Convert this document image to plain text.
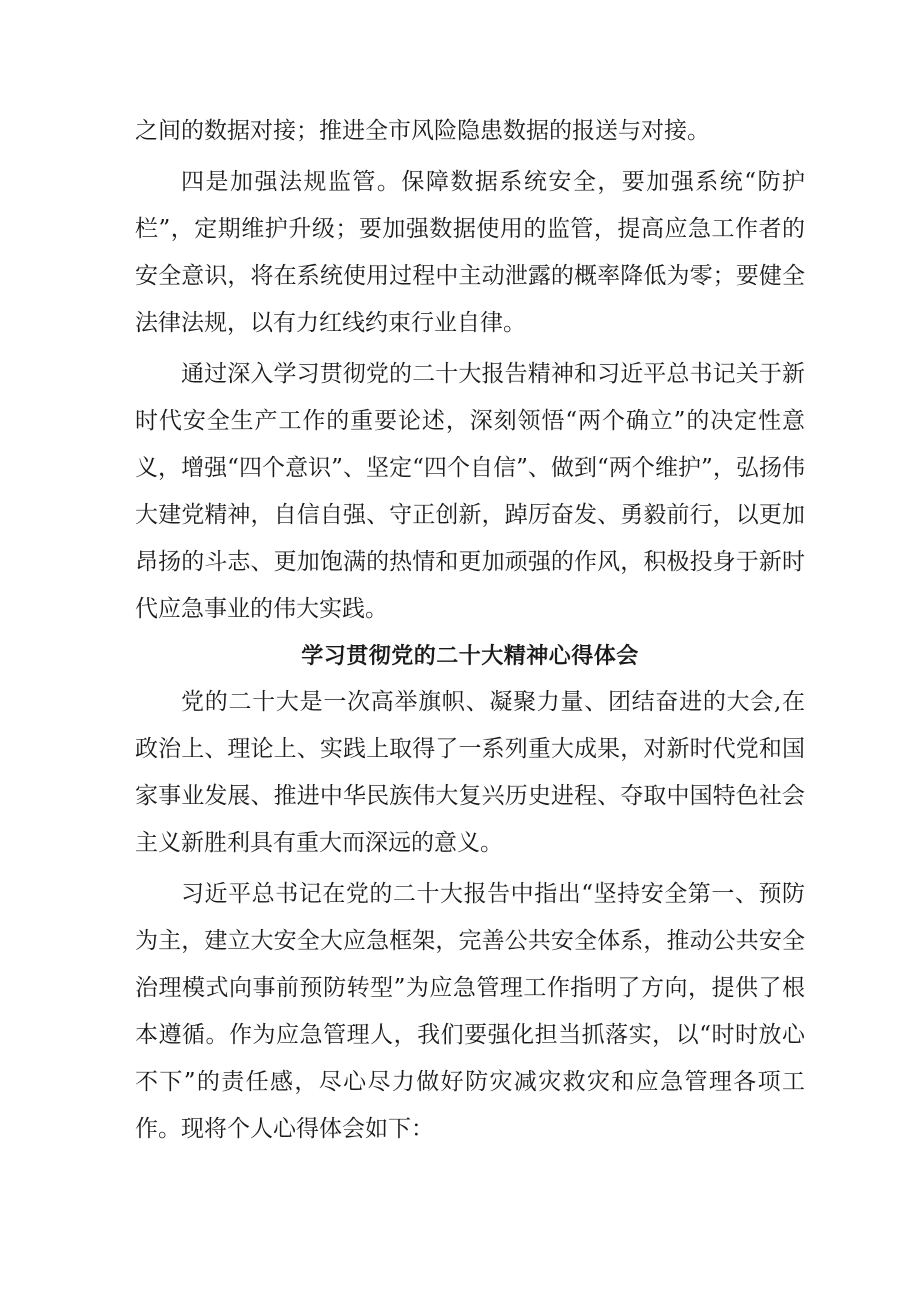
之间的数据对接；推进全市风险隐患数据的报送与对接。

四是加强法规监管。保障数据系统安全，要加强系统“防护栏”，定期维护升级；要加强数据使用的监管，提高应急工作者的安全意识，将在系统使用过程中主动泄露的概率降低为零；要健全法律法规，以有力红线约束行业自律。

通过深入学习贯彻党的二十大报告精神和习近平总书记关于新时代安全生产工作的重要论述，深刻领悟“两个确立”的决定性意义，增强“四个意识”、坚定“四个自信”、做到“两个维护”，弘扬伟大建党精神，自信自强、守正创新，踔厉奋发、勇毅前行，以更加昂扬的斗志、更加饱满的热情和更加顽强的作风，积极投身于新时代应急事业的伟大实践。

学习贯彻党的二十大精神心得体会

党的二十大是一次高举旗帜、凝聚力量、团结奋进的大会,在政治上、理论上、实践上取得了一系列重大成果，对新时代党和国家事业发展、推进中华民族伟大复兴历史进程、夺取中国特色社会主义新胜利具有重大而深远的意义。

习近平总书记在党的二十大报告中指出“坚持安全第一、预防为主，建立大安全大应急框架，完善公共安全体系，推动公共安全治理模式向事前预防转型”为应急管理工作指明了方向，提供了根本遵循。作为应急管理人，我们要强化担当抓落实，以“时时放心不下”的责任感，尽心尽力做好防灾减灾救灾和应急管理各项工作。现将个人心得体会如下：
